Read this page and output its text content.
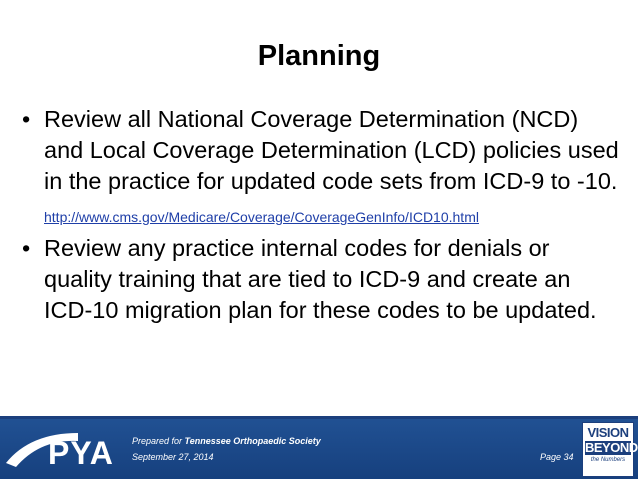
Planning
• Review all National Coverage Determination (NCD) and Local Coverage Determination (LCD) policies used in the practice for updated code sets from ICD-9 to -10.
http://www.cms.gov/Medicare/Coverage/CoverageGenInfo/ICD10.html
• Review any practice internal codes for denials or quality training that are tied to ICD-9 and create an ICD-10 migration plan for these codes to be updated.
PYA Prepared for Tennessee Orthopaedic Society
September 27, 2014	Page 34
VISION
BEYOND
the Numbers
